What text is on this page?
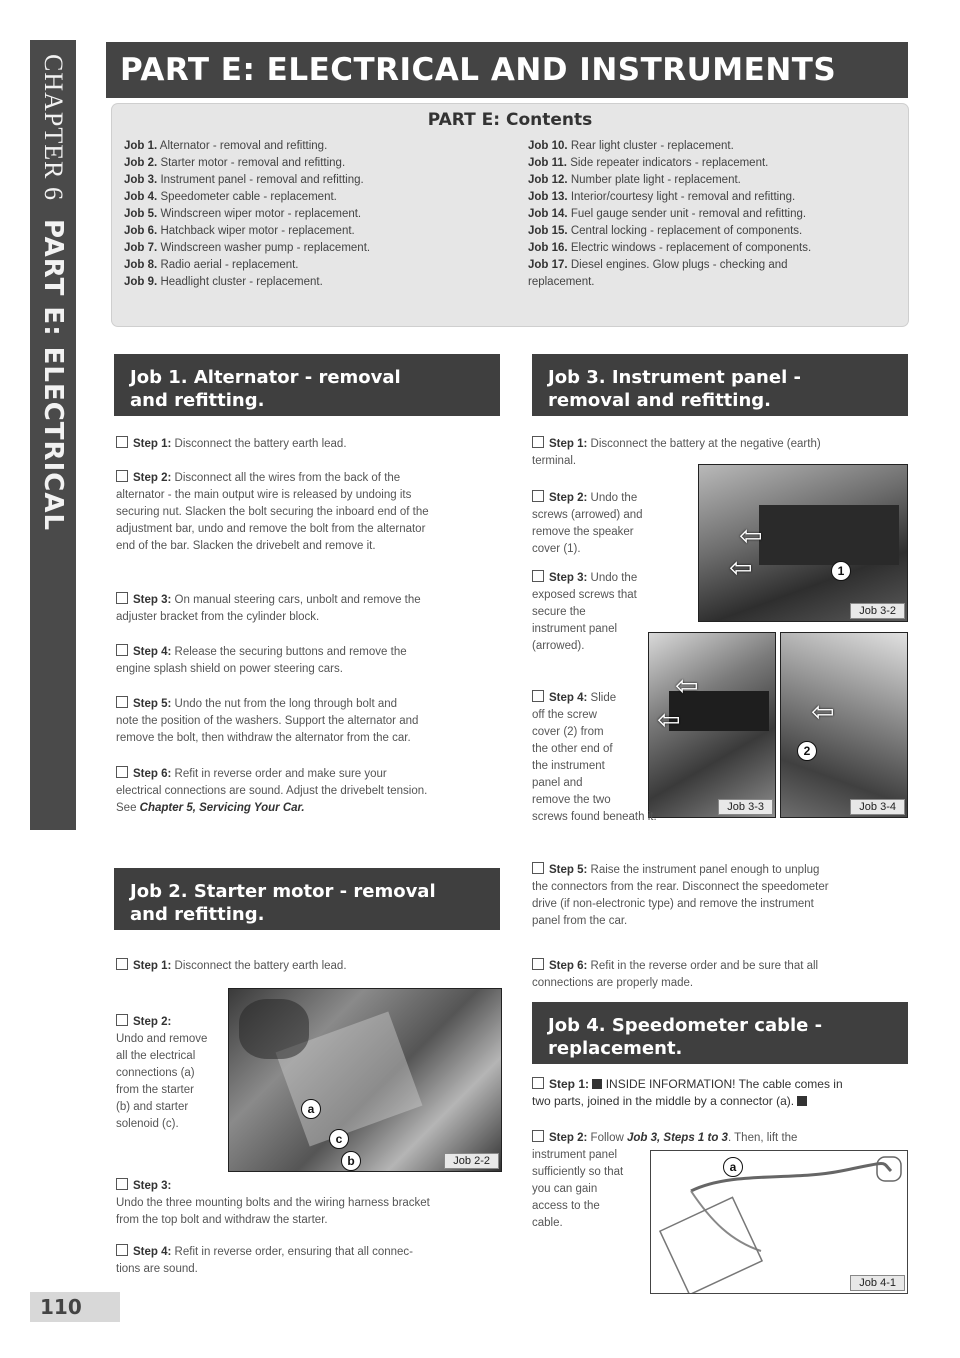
CHAPTER 6 PART E: ELECTRICAL
PART E: ELECTRICAL AND INSTRUMENTS
PART E: Contents
Job 1. Alternator - removal and refitting.
Job 2. Starter motor - removal and refitting.
Job 3. Instrument panel - removal and refitting.
Job 4. Speedometer cable - replacement.
Job 5. Windscreen wiper motor - replacement.
Job 6. Hatchback wiper motor - replacement.
Job 7. Windscreen washer pump - replacement.
Job 8. Radio aerial - replacement.
Job 9. Headlight cluster - replacement.
Job 10. Rear light cluster - replacement.
Job 11. Side repeater indicators - replacement.
Job 12. Number plate light - replacement.
Job 13. Interior/courtesy light - removal and refitting.
Job 14. Fuel gauge sender unit - removal and refitting.
Job 15. Central locking - replacement of components.
Job 16. Electric windows - replacement of components.
Job 17. Diesel engines. Glow plugs - checking and
replacement.
Job 1. Alternator - removal
and refitting.
Step 1: Disconnect the battery earth lead.
Step 2: Disconnect all the wires from the back of the
alternator - the main output wire is released by undoing its
securing nut. Slacken the bolt securing the inboard end of the
adjustment bar, undo and remove the bolt from the alternator
end of the bar. Slacken the drivebelt and remove it.
Step 3: On manual steering cars, unbolt and remove the
adjuster bracket from the cylinder block.
Step 4: Release the securing buttons and remove the
engine splash shield on power steering cars.
Step 5: Undo the nut from the long through bolt and
note the position of the washers. Support the alternator and
remove the bolt, then withdraw the alternator from the car.
Step 6: Refit in reverse order and make sure your
electrical connections are sound. Adjust the drivebelt tension.
See Chapter 5, Servicing Your Car.
Job 2. Starter motor - removal
and refitting.
Step 1: Disconnect the battery earth lead.
Step 2:
Undo and remove
all the electrical
connections (a)
from the starter
(b) and starter
solenoid (c).
a
c
b	Job 2-2
Step 3:
Undo the three mounting bolts and the wiring harness bracket
from the top bolt and withdraw the starter.
Step 4: Refit in reverse order, ensuring that all connec-
tions are sound.
Job 3. Instrument panel -
removal and refitting.
Step 1: Disconnect the battery at the negative (earth)
terminal.
Step 2: Undo the
screws (arrowed) and
remove the speaker
cover (1).	⇦
⇦	1
Job 3-2
Step 3: Undo the
exposed screws that
secure the
instrument panel
(arrowed).
⇦
⇦
Job 3-3
⇦
2
Job 3-4
Step 4: Slide
off the screw
cover (2) from
the other end of
the instrument
panel and
remove the two
screws found beneath it.
Step 5: Raise the instrument panel enough to unplug
the connectors from the rear. Disconnect the speedometer
drive (if non-electronic type) and remove the instrument
panel from the car.
Step 6: Refit in the reverse order and be sure that all
connections are properly made.
Job 4. Speedometer cable -
replacement.
Step 1: INSIDE INFORMATION! The cable comes in
two parts, joined in the middle by a connector (a).
Step 2: Follow Job 3, Steps 1 to 3. Then, lift the
instrument panel
sufficiently so that
you can gain
access to the
cable.
a
Job 4-1
110
